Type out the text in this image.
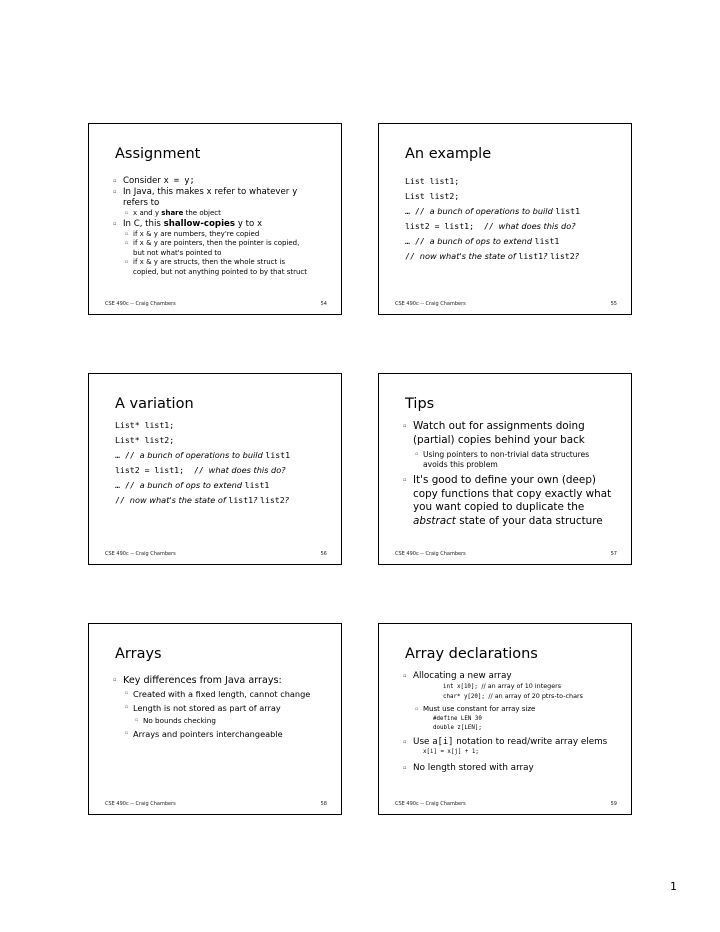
Assignment
▫ Consider x = y;
▫ In Java, this makes x refer to whatever y
refers to
▫ x and y share the object
▫ In C, this shallow-copies y to x
▫ if x & y are numbers, they're copied
▫ if x & y are pointers, then the pointer is copied,
but not what's pointed to
▫ if x & y are structs, then the whole struct is
copied, but not anything pointed to by that struct
CSE 490c -- Craig Chambers	54
An example
List list1;
List list2;
… // a bunch of operations to build list1
list2 = list1;  // what does this do?
… // a bunch of ops to extend list1
// now what's the state of list1? list2?
CSE 490c -- Craig Chambers	55
A variation
List* list1;
List* list2;
… // a bunch of operations to build list1
list2 = list1;  // what does this do?
… // a bunch of ops to extend list1
// now what's the state of list1? list2?
CSE 490c -- Craig Chambers	56
Tips
▫ Watch out for assignments doing
(partial) copies behind your back
▫ Using pointers to non-trivial data structures
avoids this problem
▫ It's good to define your own (deep)
copy functions that copy exactly what
you want copied to duplicate the
abstract state of your data structure
CSE 490c -- Craig Chambers	57
Arrays
▫ Key differences from Java arrays:
▫ Created with a fixed length, cannot change
▫ Length is not stored as part of array
▫ No bounds checking
▫ Arrays and pointers interchangeable
CSE 490c -- Craig Chambers	58
Array declarations
▫ Allocating a new array
int x[10]; // an array of 10 integers
char* y[20]; // an array of 20 ptrs-to-chars
▫ Must use constant for array size
#define LEN 30
double z[LEN];
▫ Use a[i] notation to read/write array elems
x[i] = x[j] + 1;
▫ No length stored with array
CSE 490c -- Craig Chambers	59
1
